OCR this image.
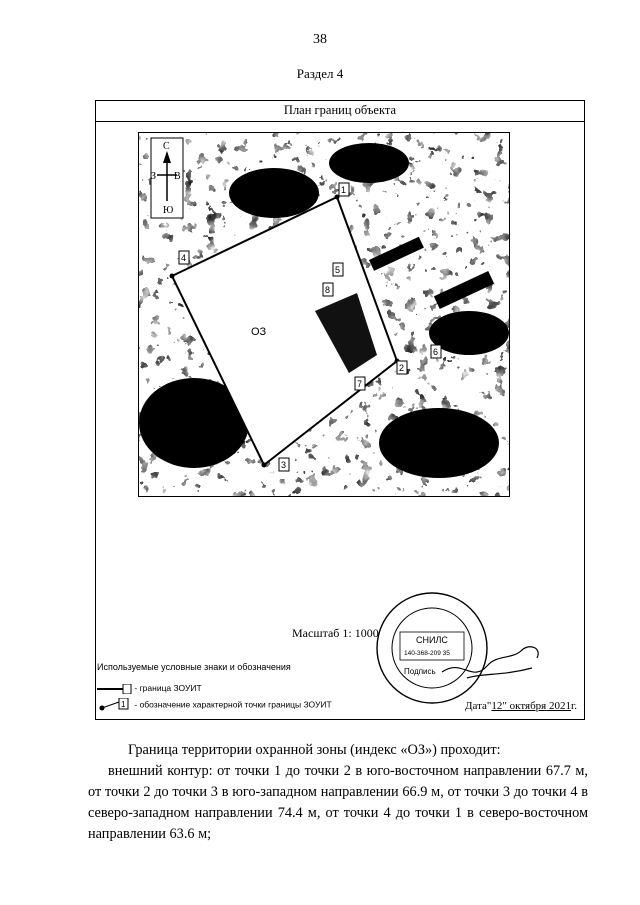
38
Раздел 4
План границ объекта
ОЗ
С
Ю
З В
1
2
3
4
5
6
7
8
Масштаб 1: 1000
Используемые условные знаки и обозначения
- граница ЗОУИТ
1 - обозначение характерной точки границы ЗОУИТ
СНИЛС
140-368-209 35
Подпись
Дата"12" октября 2021г.

Граница территории охранной зоны (индекс «ОЗ») проходит:

внешний контур: от точки 1 до точки 2 в юго-восточном направлении 67.7 м, от точки 2 до точки 3 в юго-западном направлении 66.9 м, от точки 3 до точки 4 в северо-западном направлении 74.4 м, от точки 4 до точки 1 в северо-восточном направлении 63.6 м;
